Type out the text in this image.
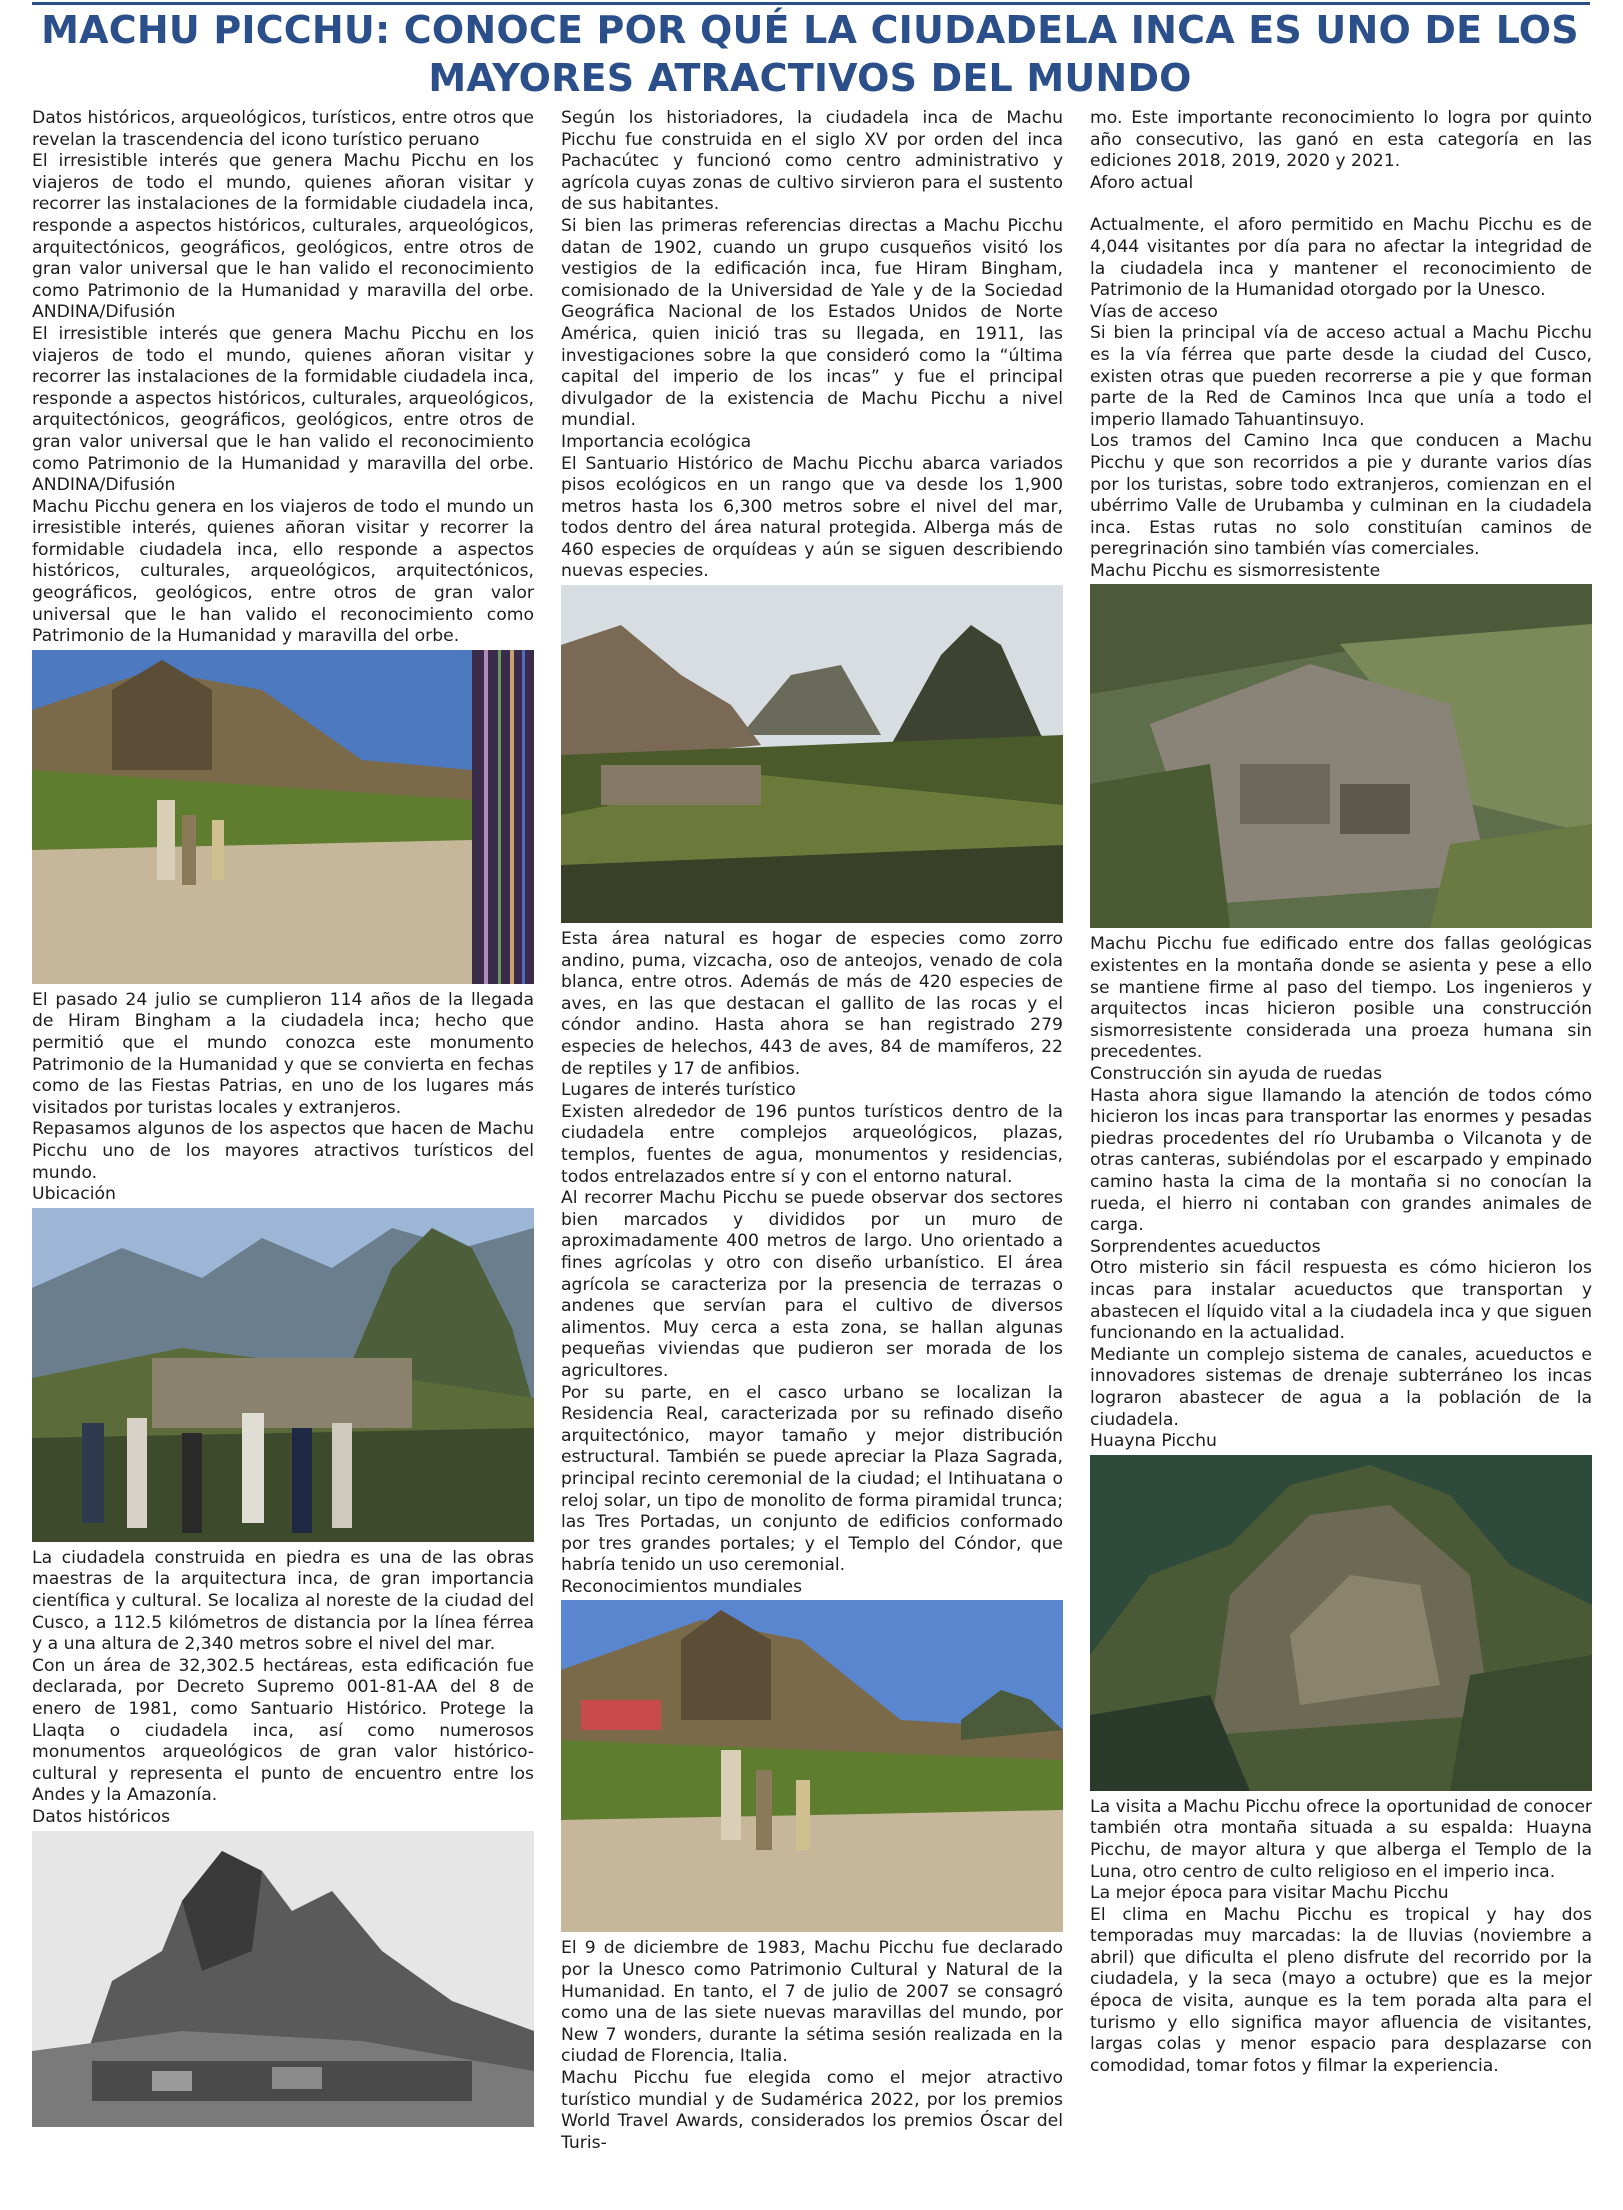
MACHU PICCHU: CONOCE POR QUÉ LA CIUDADELA INCA ES UNO DE LOS MAYORES ATRACTIVOS DEL MUNDO

Datos históricos, arqueológicos, turísticos, entre otros que revelan la trascendencia del icono turístico peruano

El irresistible interés que genera Machu Picchu en los viajeros de todo el mundo, quienes añoran visitar y recorrer las instalaciones de la formidable ciudadela inca, responde a aspectos históricos, culturales, arqueológicos, arquitectónicos, geográficos, geológicos, entre otros de gran valor universal que le han valido el reconocimiento como Patrimonio de la Humanidad y maravilla del orbe. ANDINA/Difusión

El irresistible interés que genera Machu Picchu en los viajeros de todo el mundo, quienes añoran visitar y recorrer las instalaciones de la formidable ciudadela inca, responde a aspectos históricos, culturales, arqueológicos, arquitectónicos, geográficos, geológicos, entre otros de gran valor universal que le han valido el reconocimiento como Patrimonio de la Humanidad y maravilla del orbe. ANDINA/Difusión

Machu Picchu genera en los viajeros de todo el mundo un irresistible interés, quienes añoran visitar y recorrer la formidable ciudadela inca, ello responde a aspectos históricos, culturales, arqueológicos, arquitectónicos, geográficos, geológicos, entre otros de gran valor universal que le han valido el reconocimiento como Patrimonio de la Humanidad y maravilla del orbe.

El pasado 24 julio se cumplieron 114 años de la llegada de Hiram Bingham a la ciudadela inca; hecho que permitió que el mundo conozca este monumento Patrimonio de la Humanidad y que se convierta en fechas como de las Fiestas Patrias, en uno de los lugares más visitados por turistas locales y extranjeros.

Repasamos algunos de los aspectos que hacen de Machu Picchu uno de los mayores atractivos turísticos del mundo.

Ubicación

La ciudadela construida en piedra es una de las obras maestras de la arquitectura inca, de gran importancia científica y cultural. Se localiza al noreste de la ciudad del Cusco, a 112.5 kilómetros de distancia por la línea férrea y a una altura de 2,340 metros sobre el nivel del mar.

Con un área de 32,302.5 hectáreas, esta edificación fue declarada, por Decreto Supremo 001-81-AA del 8 de enero de 1981, como Santuario Histórico. Protege la Llaqta o ciudadela inca, así como numerosos monumentos arqueológicos de gran valor histórico-cultural y representa el punto de encuentro entre los Andes y la Amazonía.

Datos históricos

Según los historiadores, la ciudadela inca de Machu Picchu fue construida en el siglo XV por orden del inca Pachacútec y funcionó como centro administrativo y agrícola cuyas zonas de cultivo sirvieron para el sustento de sus habitantes.

Si bien las primeras referencias directas a Machu Picchu datan de 1902, cuando un grupo cusqueños visitó los vestigios de la edificación inca, fue Hiram Bingham, comisionado de la Universidad de Yale y de la Sociedad Geográfica Nacional de los Estados Unidos de Norte América, quien inició tras su llegada, en 1911, las investigaciones sobre la que consideró como la “última capital del imperio de los incas” y fue el principal divulgador de la existencia de Machu Picchu a nivel mundial.

Importancia ecológica

El Santuario Histórico de Machu Picchu abarca variados pisos ecológicos en un rango que va desde los 1,900 metros hasta los 6,300 metros sobre el nivel del mar, todos dentro del área natural protegida. Alberga más de 460 especies de orquídeas y aún se siguen describiendo nuevas especies.

Esta área natural es hogar de especies como zorro andino, puma, vizcacha, oso de anteojos, venado de cola blanca, entre otros. Además de más de 420 especies de aves, en las que destacan el gallito de las rocas y el cóndor andino. Hasta ahora se han registrado 279 especies de helechos, 443 de aves, 84 de mamíferos, 22 de reptiles y 17 de anfibios.

Lugares de interés turístico

Existen alrededor de 196 puntos turísticos dentro de la ciudadela entre complejos arqueológicos, plazas, templos, fuentes de agua, monumentos y residencias, todos entrelazados entre sí y con el entorno natural.

Al recorrer Machu Picchu se puede observar dos sectores bien marcados y divididos por un muro de aproximadamente 400 metros de largo. Uno orientado a fines agrícolas y otro con diseño urbanístico. El área agrícola se caracteriza por la presencia de terrazas o andenes que servían para el cultivo de diversos alimentos. Muy cerca a esta zona, se hallan algunas pequeñas viviendas que pudieron ser morada de los agricultores.

Por su parte, en el casco urbano se localizan la Residencia Real, caracterizada por su refinado diseño arquitectónico, mayor tamaño y mejor distribución estructural. También se puede apreciar la Plaza Sagrada, principal recinto ceremonial de la ciudad; el Intihuatana o reloj solar, un tipo de monolito de forma piramidal trunca; las Tres Portadas, un conjunto de edificios conformado por tres grandes portales; y el Templo del Cóndor, que habría tenido un uso ceremonial.

Reconocimientos mundiales

El 9 de diciembre de 1983, Machu Picchu fue declarado por la Unesco como Patrimonio Cultural y Natural de la Humanidad. En tanto, el 7 de julio de 2007 se consagró como una de las siete nuevas maravillas del mundo, por New 7 wonders, durante la sétima sesión realizada en la ciudad de Florencia, Italia.

Machu Picchu fue elegida como el mejor atractivo turístico mundial y de Sudamérica 2022, por los premios World Travel Awards, considerados los premios Óscar del Turis-

mo. Este importante reconocimiento lo logra por quinto año consecutivo, las ganó en esta categoría en las ediciones 2018, 2019, 2020 y 2021.

Aforo actual

Actualmente, el aforo permitido en Machu Picchu es de 4,044 visitantes por día para no afectar la integridad de la ciudadela inca y mantener el reconocimiento de Patrimonio de la Humanidad otorgado por la Unesco.

Vías de acceso

Si bien la principal vía de acceso actual a Machu Picchu es la vía férrea que parte desde la ciudad del Cusco, existen otras que pueden recorrerse a pie y que forman parte de la Red de Caminos Inca que unía a todo el imperio llamado Tahuantinsuyo.

Los tramos del Camino Inca que conducen a Machu Picchu y que son recorridos a pie y durante varios días por los turistas, sobre todo extranjeros, comienzan en el ubérrimo Valle de Urubamba y culminan en la ciudadela inca. Estas rutas no solo constituían caminos de peregrinación sino también vías comerciales.

Machu Picchu es sismorresistente

Machu Picchu fue edificado entre dos fallas geológicas existentes en la montaña donde se asienta y pese a ello se mantiene firme al paso del tiempo. Los ingenieros y arquitectos incas hicieron posible una construcción sismorresistente considerada una proeza humana sin precedentes.

Construcción sin ayuda de ruedas

Hasta ahora sigue llamando la atención de todos cómo hicieron los incas para transportar las enormes y pesadas piedras procedentes del río Urubamba o Vilcanota y de otras canteras, subiéndolas por el escarpado y empinado camino hasta la cima de la montaña si no conocían la rueda, el hierro ni contaban con grandes animales de carga.

Sorprendentes acueductos

Otro misterio sin fácil respuesta es cómo hicieron los incas para instalar acueductos que transportan y abastecen el líquido vital a la ciudadela inca y que siguen funcionando en la actualidad.

Mediante un complejo sistema de canales, acueductos e innovadores sistemas de drenaje subterráneo los incas lograron abastecer de agua a la población de la ciudadela.

Huayna Picchu

La visita a Machu Picchu ofrece la oportunidad de conocer también otra montaña situada a su espalda: Huayna Picchu, de mayor altura y que alberga el Templo de la Luna, otro centro de culto religioso en el imperio inca.

La mejor época para visitar Machu Picchu

El clima en Machu Picchu es tropical y hay dos temporadas muy marcadas: la de lluvias (noviembre a abril) que dificulta el pleno disfrute del recorrido por la ciudadela, y la seca (mayo a octubre) que es la mejor época de visita, aunque es la tem porada alta para el turismo y ello significa mayor afluencia de visitantes, largas colas y menor espacio para desplazarse con comodidad, tomar fotos y filmar la experiencia.
